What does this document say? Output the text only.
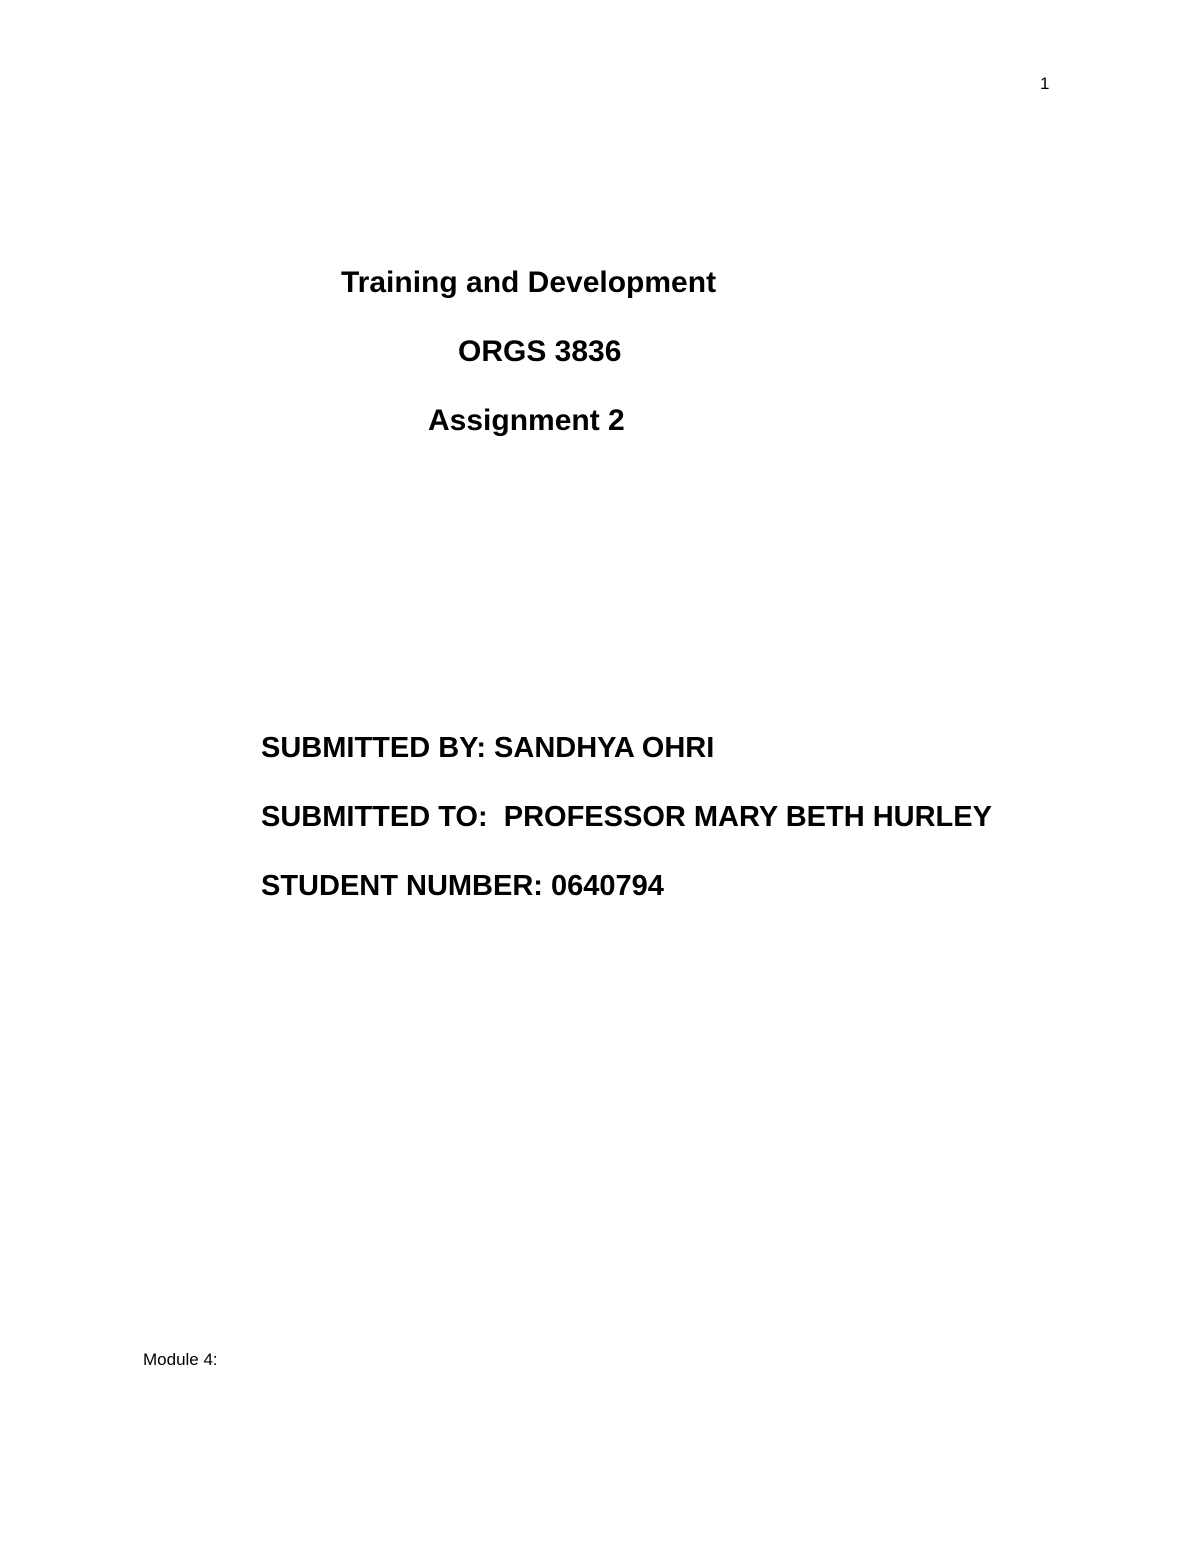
1
Training and Development
ORGS 3836
Assignment 2
SUBMITTED BY: SANDHYA OHRI
SUBMITTED TO:  PROFESSOR MARY BETH HURLEY
STUDENT NUMBER: 0640794
Module 4:
